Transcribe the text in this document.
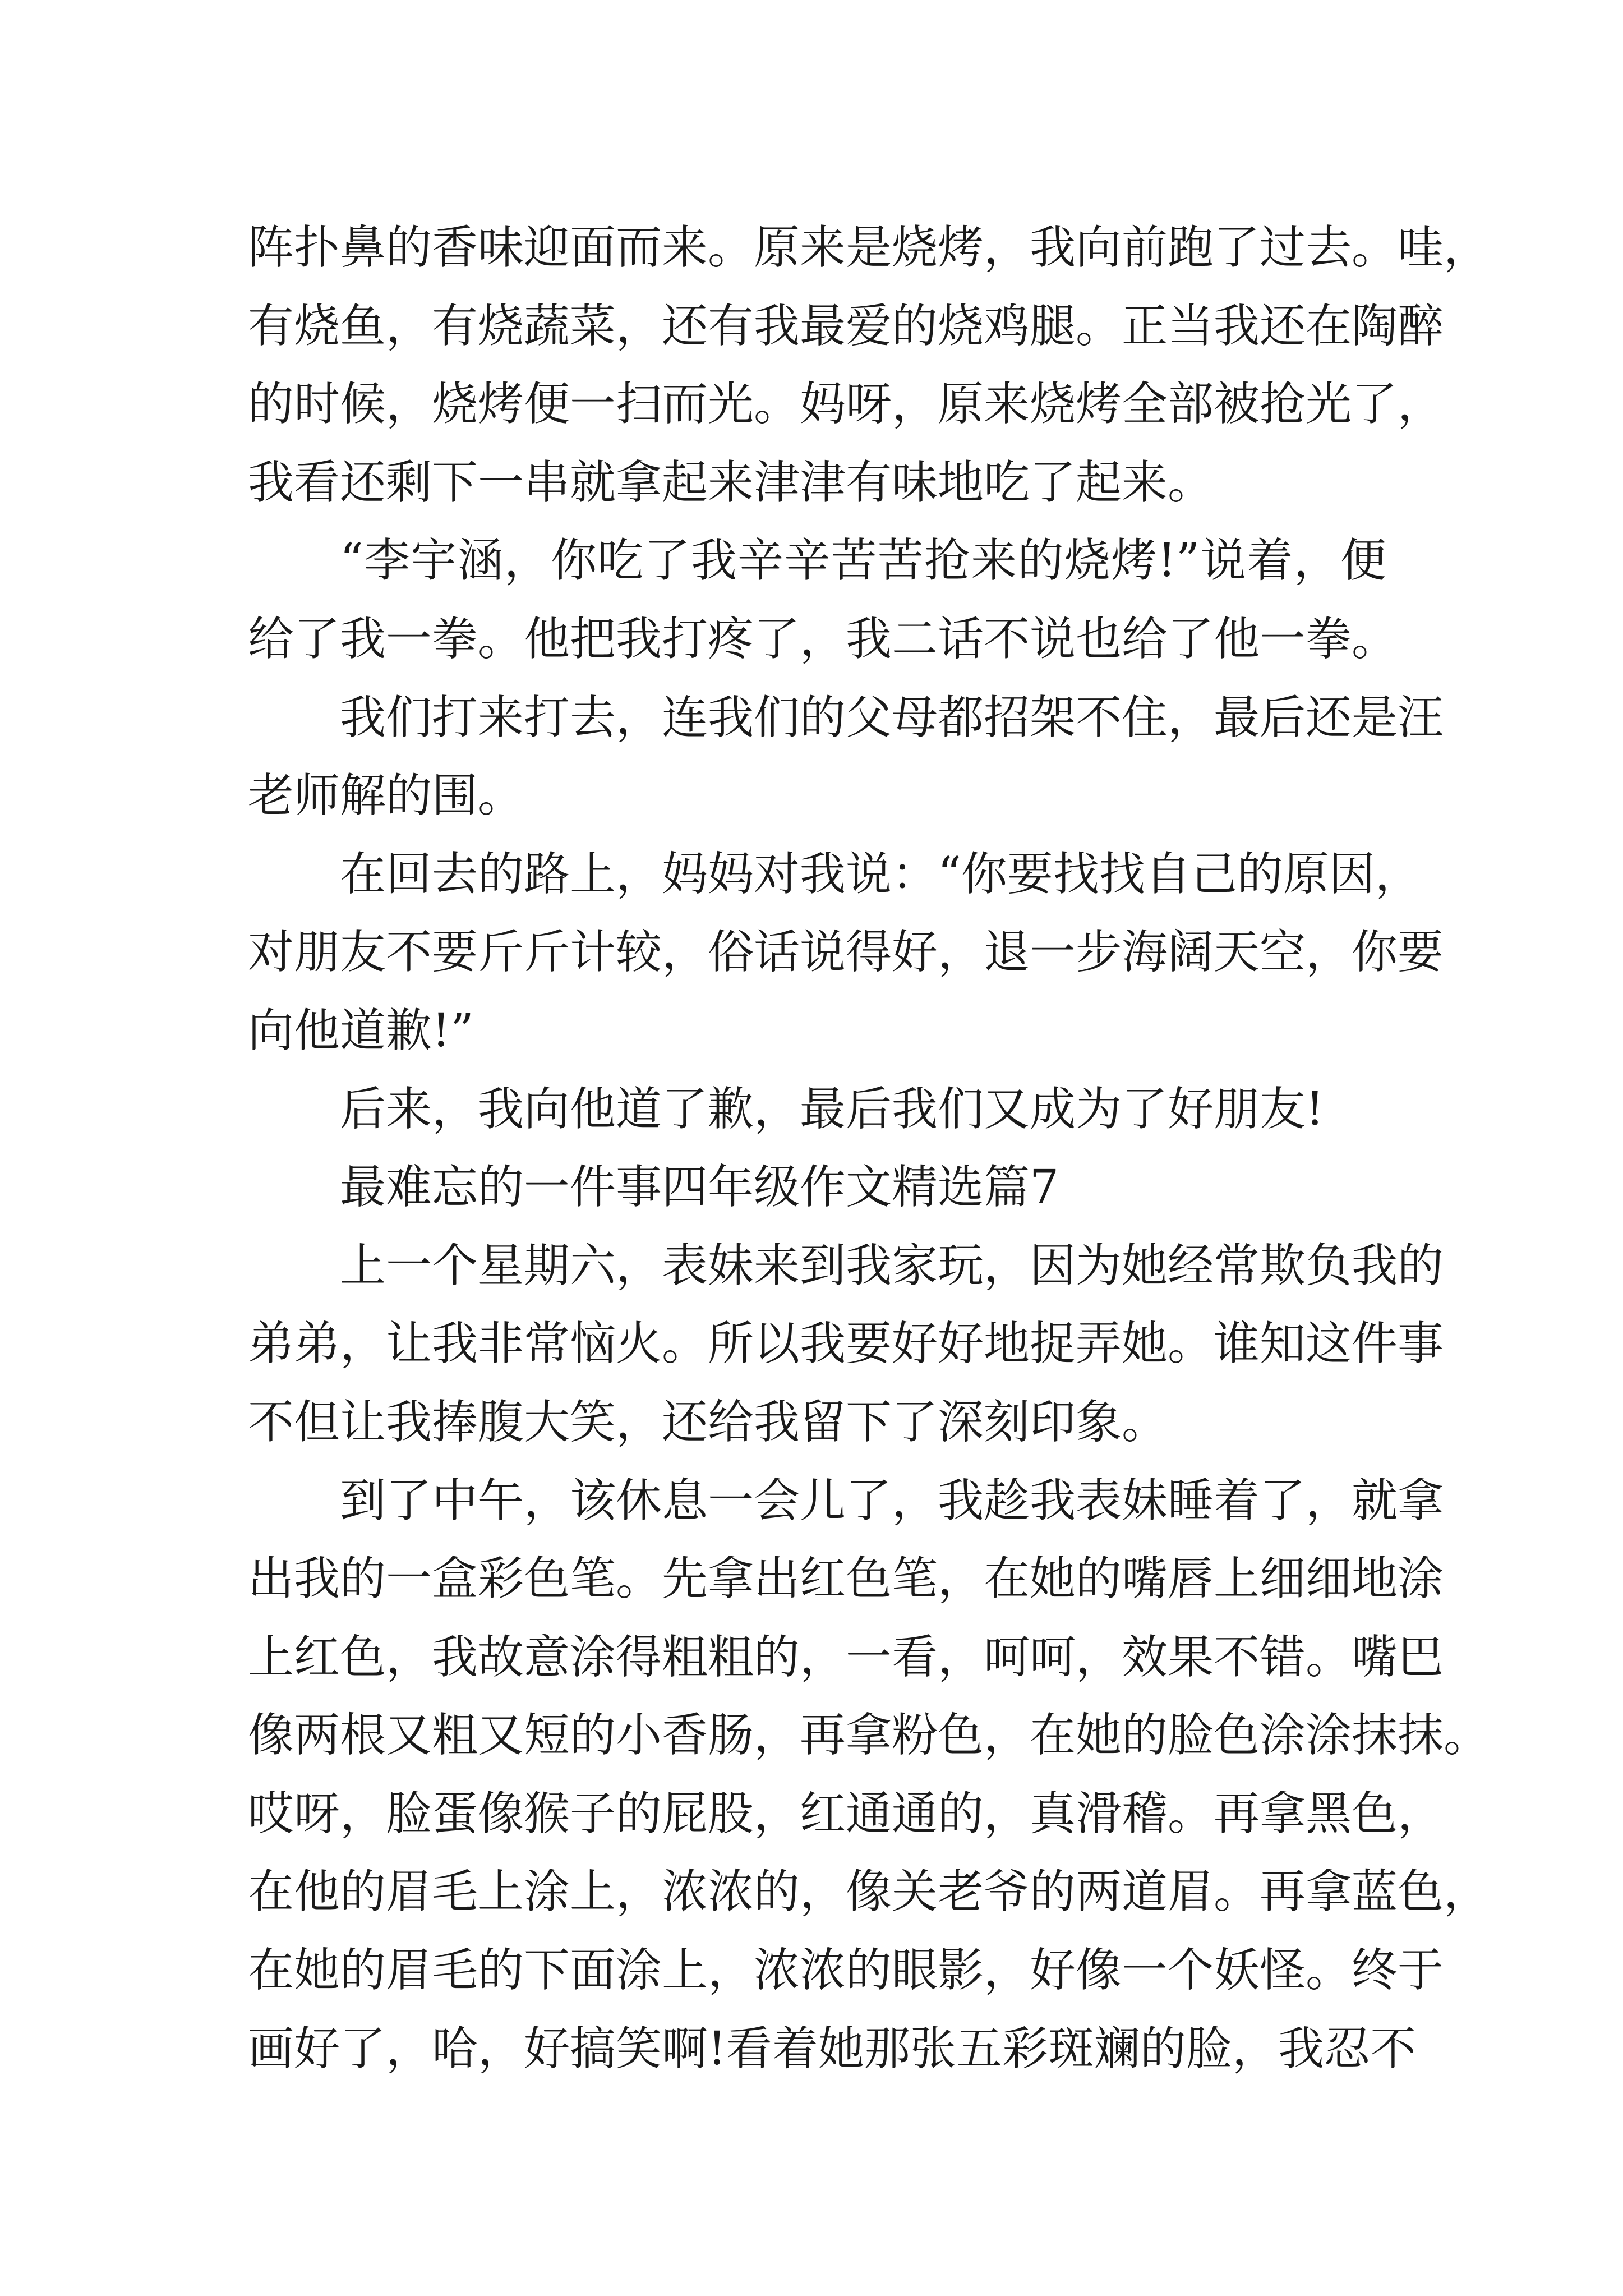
阵扑鼻的香味迎面而来。原来是烧烤，我向前跑了过去。哇，
有烧鱼，有烧蔬菜，还有我最爱的烧鸡腿。正当我还在陶醉
的时候，烧烤便一扫而光。妈呀，原来烧烤全部被抢光了，
我看还剩下一串就拿起来津津有味地吃了起来。
“李宇涵，你吃了我辛辛苦苦抢来的烧烤!”说着，便
给了我一拳。他把我打疼了，我二话不说也给了他一拳。
我们打来打去，连我们的父母都招架不住，最后还是汪
老师解的围。
在回去的路上，妈妈对我说：“你要找找自己的原因，
对朋友不要斤斤计较，俗话说得好，退一步海阔天空，你要
向他道歉!”
后来，我向他道了歉，最后我们又成为了好朋友!
最难忘的一件事四年级作文精选篇7
上一个星期六，表妹来到我家玩，因为她经常欺负我的
弟弟，让我非常恼火。所以我要好好地捉弄她。谁知这件事
不但让我捧腹大笑，还给我留下了深刻印象。
到了中午，该休息一会儿了，我趁我表妹睡着了，就拿
出我的一盒彩色笔。先拿出红色笔，在她的嘴唇上细细地涂
上红色，我故意涂得粗粗的，一看，呵呵，效果不错。嘴巴
像两根又粗又短的小香肠，再拿粉色，在她的脸色涂涂抹抹。
哎呀，脸蛋像猴子的屁股，红通通的，真滑稽。再拿黑色，
在他的眉毛上涂上，浓浓的，像关老爷的两道眉。再拿蓝色，
在她的眉毛的下面涂上，浓浓的眼影，好像一个妖怪。终于
画好了，哈，好搞笑啊!看着她那张五彩斑斓的脸，我忍不
